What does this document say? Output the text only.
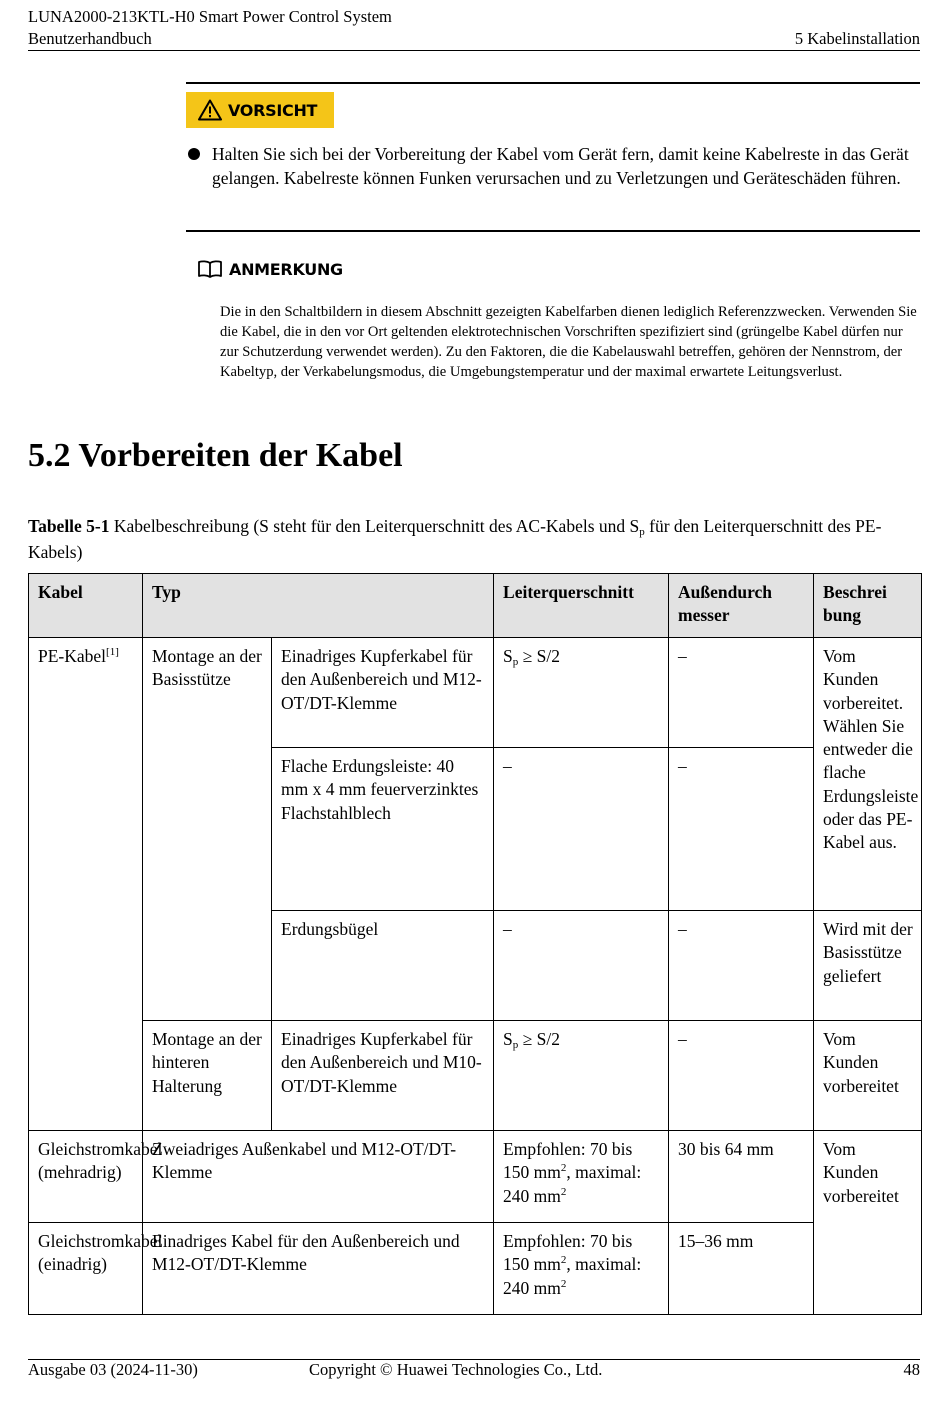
LUNA2000-213KTL-H0 Smart Power Control System
Benutzerhandbuch	5 Kabelinstallation
VORSICHT
Halten Sie sich bei der Vorbereitung der Kabel vom Gerät fern, damit keine Kabelreste in das Gerät gelangen. Kabelreste können Funken verursachen und zu Verletzungen und Geräteschäden führen.
ANMERKUNG
Die in den Schaltbildern in diesem Abschnitt gezeigten Kabelfarben dienen lediglich Referenzzwecken. Verwenden Sie die Kabel, die in den vor Ort geltenden elektrotechnischen Vorschriften spezifiziert sind (grüngelbe Kabel dürfen nur zur Schutzerdung verwendet werden). Zu den Faktoren, die die Kabelauswahl betreffen, gehören der Nennstrom, der Kabeltyp, der Verkabelungsmodus, die Umgebungstemperatur und der maximal erwartete Leitungsverlust.
5.2 Vorbereiten der Kabel
Tabelle 5-1 Kabelbeschreibung (S steht für den Leiterquerschnitt des AC-Kabels und $S_p$ für den Leiterquerschnitt des PE-Kabels)
Kabel	Typ		Leiterquerschnitt	Außendurch messer	Beschrei bung
PE-Kabel[1]	Montage an der Basisstütze	Einadriges Kupferkabel für den Außenbereich und M12-OT/DT-Klemme	$S_p \ge S/2$	–	Vom Kunden vorbereitet. Wählen Sie entweder die flache Erdungsleiste oder das PE-Kabel aus.
		Flache Erdungsleiste: 40 mm x 4 mm feuerverzinktes Flachstahlblech	–	–	
		Erdungsbügel	–	–	Wird mit der Basisstütze geliefert
	Montage an der hinteren Halterung	Einadriges Kupferkabel für den Außenbereich und M10-OT/DT-Klemme	$S_p \ge S/2$	–	Vom Kunden vorbereitet
Gleichstromkabel (mehradrig)	Zweiadriges Außenkabel und M12-OT/DT-Klemme		Empfohlen: 70 bis 150 $mm^2$, maximal: 240 $mm^2$	30 bis 64 mm	Vom Kunden vorbereitet
Gleichstromkabel (einadrig)	Einadriges Kabel für den Außenbereich und M12-OT/DT-Klemme		Empfohlen: 70 bis 150 $mm^2$, maximal: 240 $mm^2$	15–36 mm	
Ausgabe 03 (2024-11-30)	Copyright © Huawei Technologies Co., Ltd.	48
